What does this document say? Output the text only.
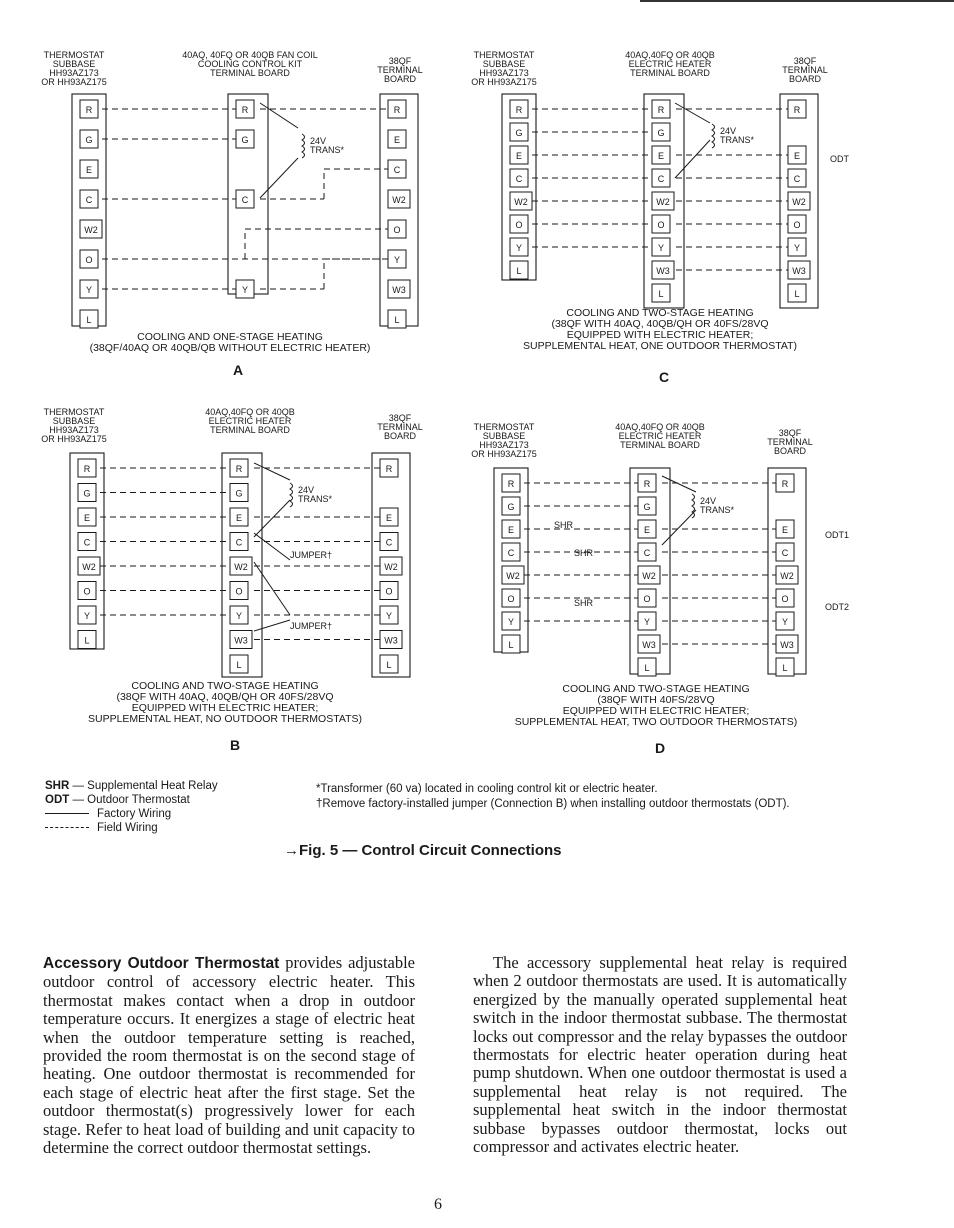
THERMOSTAT
SUBBASE
HH93AZ173
OR HH93AZ175
40AQ, 40FQ OR 40QB FAN COIL
COOLING CONTROL KIT
TERMINAL BOARD
38QF
TERMINAL
BOARD
R
G
E
C
W2
O
Y
L
R
E
C
W2
O
Y
W3
L
R
G
C
Y
24V
TRANS*
COOLING AND ONE-STAGE HEATING
(38QF/40AQ OR 40QB/QB WITHOUT ELECTRIC HEATER)
A
THERMOSTAT
SUBBASE
HH93AZ173
OR HH93AZ175
40AQ,40FQ OR 40QB
ELECTRIC HEATER
TERMINAL BOARD
38QF
TERMINAL
BOARD
R
G
E
C
W2
O
Y
L
R
E
C
W2
O
Y
W3
L
R
G
E
C
W2
O
Y
W3
L
24V
TRANS*
ODT
COOLING AND TWO-STAGE HEATING
(38QF WITH 40AQ, 40QB/QH OR 40FS/28VQ
EQUIPPED WITH ELECTRIC HEATER;
SUPPLEMENTAL HEAT, ONE OUTDOOR THERMOSTAT)
C
THERMOSTAT
SUBBASE
HH93AZ173
OR HH93AZ175
40AQ,40FQ OR 40QB
ELECTRIC HEATER
TERMINAL BOARD
38QF
TERMINAL
BOARD
R
G
E
C
W2
O
Y
L
R
E
C
W2
O
Y
W3
L
R
G
E
C
W2
O
Y
W3
L
24V
TRANS*
JUMPER†
JUMPER†
COOLING AND TWO-STAGE HEATING
(38QF WITH 40AQ, 40QB/QH OR 40FS/28VQ
EQUIPPED WITH ELECTRIC HEATER;
SUPPLEMENTAL HEAT, NO OUTDOOR THERMOSTATS)
B
THERMOSTAT
SUBBASE
HH93AZ173
OR HH93AZ175
40AQ,40FQ OR 40QB
ELECTRIC HEATER
TERMINAL BOARD
38QF
TERMINAL
BOARD
R
G
E
C
W2
O
Y
L
R
E
C
W2
O
Y
W3
L
R
G
E
C
W2
O
Y
W3
L
24V
TRANS*
SHR
SHR
SHR
ODT1
ODT2
COOLING AND TWO-STAGE HEATING
(38QF WITH 40FS/28VQ
EQUIPPED WITH ELECTRIC HEATER;
SUPPLEMENTAL HEAT, TWO OUTDOOR THERMOSTATS)
D
SHR — Supplemental Heat Relay
ODT — Outdoor Thermostat
Factory Wiring
Field Wiring
*Transformer (60 va) located in cooling control kit or electric heater.
†Remove factory-installed jumper (Connection B) when installing outdoor thermostats (ODT).
→Fig. 5 — Control Circuit Connections
Accessory Outdoor Thermostat provides adjustable outdoor control of accessory electric heater. This thermostat makes contact when a drop in outdoor temperature occurs. It energizes a stage of electric heat when the outdoor temperature setting is reached, provided the room thermostat is on the second stage of heating. One outdoor thermostat is recommended for each stage of electric heat after the first stage. Set the outdoor thermostat(s) progressively lower for each stage. Refer to heat load of building and unit capacity to determine the correct outdoor thermostat settings.
The accessory supplemental heat relay is required when 2 outdoor thermostats are used. It is automatically energized by the manually operated supplemental heat switch in the indoor thermostat subbase. The thermostat locks out compressor and the relay bypasses the outdoor thermostats for electric heater operation during heat pump shutdown. When one outdoor thermostat is used a supplemental heat relay is not required. The supplemental heat switch in the indoor thermostat subbase bypasses outdoor thermostat, locks out compressor and activates electric heater.
6
